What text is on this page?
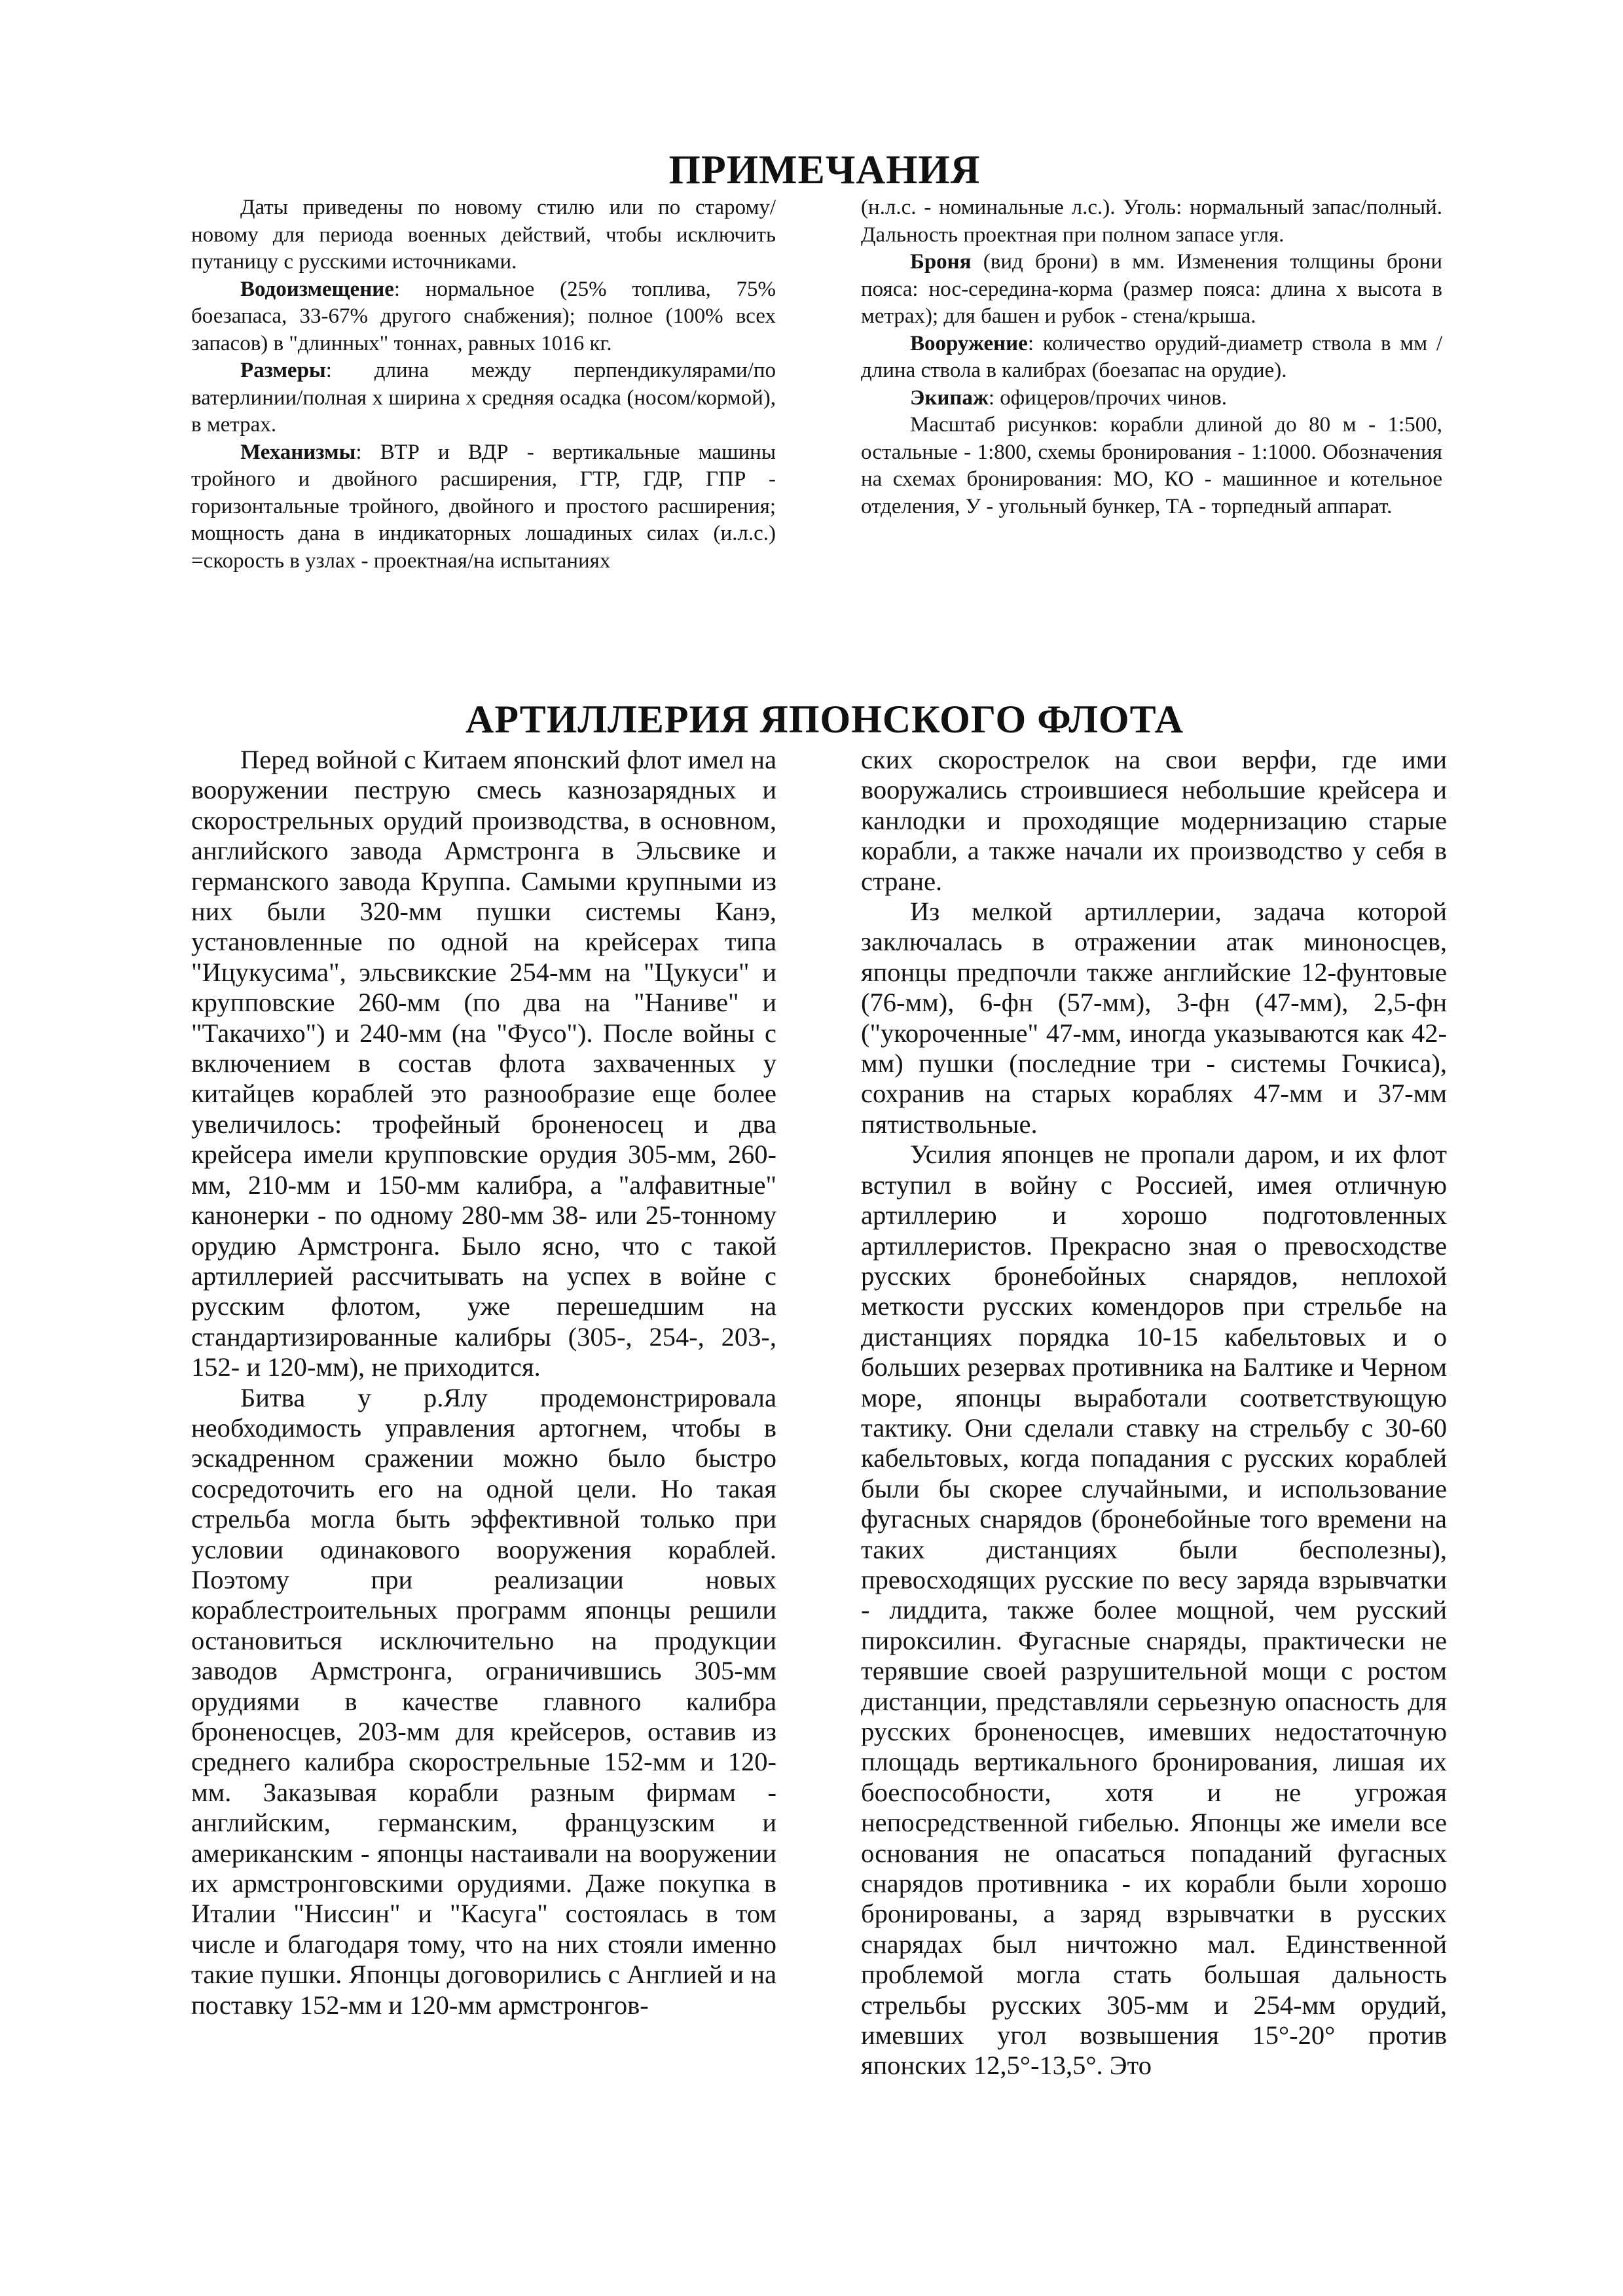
ПРИМЕЧАНИЯ

Даты приведены по новому стилю или по старому/новому для периода военных действий, чтобы исключить путаницу с русскими источниками.

Водоизмещение: нормальное (25% топлива, 75% боезапаса, 33-67% другого снабжения); полное (100% всех запасов) в "длинных" тоннах, равных 1016 кг.

Размеры: длина между перпендикулярами/по ватерлинии/полная х ширина х средняя осадка (носом/кормой), в метрах.

Механизмы: ВТР и ВДР - вертикальные машины тройного и двойного расширения, ГТР, ГДР, ГПР - горизонтальные тройного, двойного и простого расширения; мощность дана в индикаторных лошадиных силах (и.л.с.) =скорость в узлах - проектная/на испытаниях

(н.л.с. - номинальные л.с.). Уголь: нормальный запас/полный. Дальность проектная при полном запасе угля.

Броня (вид брони) в мм. Изменения толщины брони пояса: нос-середина-корма (размер пояса: длина х высота в метрах); для башен и рубок - стена/крыша.

Вооружение: количество орудий-диаметр ствола в мм / длина ствола в калибрах (боезапас на орудие).

Экипаж: офицеров/прочих чинов.

Масштаб рисунков: корабли длиной до 80 м - 1:500, остальные - 1:800, схемы бронирования - 1:1000. Обозначения на схемах бронирования: МО, КО - машинное и котельное отделения, У - угольный бункер, ТА - торпедный аппарат.

АРТИЛЛЕРИЯ ЯПОНСКОГО ФЛОТА

Перед войной с Китаем японский флот имел на вооружении пеструю смесь казнозарядных и скорострельных орудий производства, в основном, английского завода Армстронга в Эльсвике и германского завода Круппа. Самыми крупными из них были 320-мм пушки системы Канэ, установленные по одной на крейсерах типа "Ицукусима", эльсвикские 254-мм на "Цукуси" и крупповские 260-мм (по два на "Наниве" и "Такачихо") и 240-мм (на "Фусо"). После войны с включением в состав флота захваченных у китайцев кораблей это разнообразие еще более увеличилось: трофейный броненосец и два крейсера имели крупповские орудия 305-мм, 260-мм, 210-мм и 150-мм калибра, а "алфавитные" канонерки - по одному 280-мм 38- или 25-тонному орудию Армстронга. Было ясно, что с такой артиллерией рассчитывать на успех в войне с русским флотом, уже перешедшим на стандартизированные калибры (305-, 254-, 203-, 152- и 120-мм), не приходится.

Битва у р.Ялу продемонстрировала необходимость управления артогнем, чтобы в эскадренном сражении можно было быстро сосредоточить его на одной цели. Но такая стрельба могла быть эффективной только при условии одинакового вооружения кораблей. Поэтому при реализации новых кораблестроительных программ японцы решили остановиться исключительно на продукции заводов Армстронга, ограничившись 305-мм орудиями в качестве главного калибра броненосцев, 203-мм для крейсеров, оставив из среднего калибра скорострельные 152-мм и 120-мм. Заказывая корабли разным фирмам - английским, германским, французским и американским - японцы настаивали на вооружении их армстронговскими орудиями. Даже покупка в Италии "Ниссин" и "Касуга" состоялась в том числе и благодаря тому, что на них стояли именно такие пушки. Японцы договорились с Англией и на поставку 152-мм и 120-мм армстронгов-

ских скорострелок на свои верфи, где ими вооружались строившиеся небольшие крейсера и канлодки и проходящие модернизацию старые корабли, а также начали их производство у себя в стране.

Из мелкой артиллерии, задача которой заключалась в отражении атак миноносцев, японцы предпочли также английские 12-фунтовые (76-мм), 6-фн (57-мм), 3-фн (47-мм), 2,5-фн ("укороченные" 47-мм, иногда указываются как 42-мм) пушки (последние три - системы Гочкиса), сохранив на старых кораблях 47-мм и 37-мм пятиствольные.

Усилия японцев не пропали даром, и их флот вступил в войну с Россией, имея отличную артиллерию и хорошо подготовленных артиллеристов. Прекрасно зная о превосходстве русских бронебойных снарядов, неплохой меткости русских комендоров при стрельбе на дистанциях порядка 10-15 кабельтовых и о больших резервах противника на Балтике и Черном море, японцы выработали соответствующую тактику. Они сделали ставку на стрельбу с 30-60 кабельтовых, когда попадания с русских кораблей были бы скорее случайными, и использование фугасных снарядов (бронебойные того времени на таких дистанциях были бесполезны), превосходящих русские по весу заряда взрывчатки - лиддита, также более мощной, чем русский пироксилин. Фугасные снаряды, практически не терявшие своей разрушительной мощи с ростом дистанции, представляли серьезную опасность для русских броненосцев, имевших недостаточную площадь вертикального бронирования, лишая их боеспособности, хотя и не угрожая непосредственной гибелью. Японцы же имели все основания не опасаться попаданий фугасных снарядов противника - их корабли были хорошо бронированы, а заряд взрывчатки в русских снарядах был ничтожно мал. Единственной проблемой могла стать большая дальность стрельбы русских 305-мм и 254-мм орудий, имевших угол возвышения 15°-20° против японских 12,5°-13,5°. Это
